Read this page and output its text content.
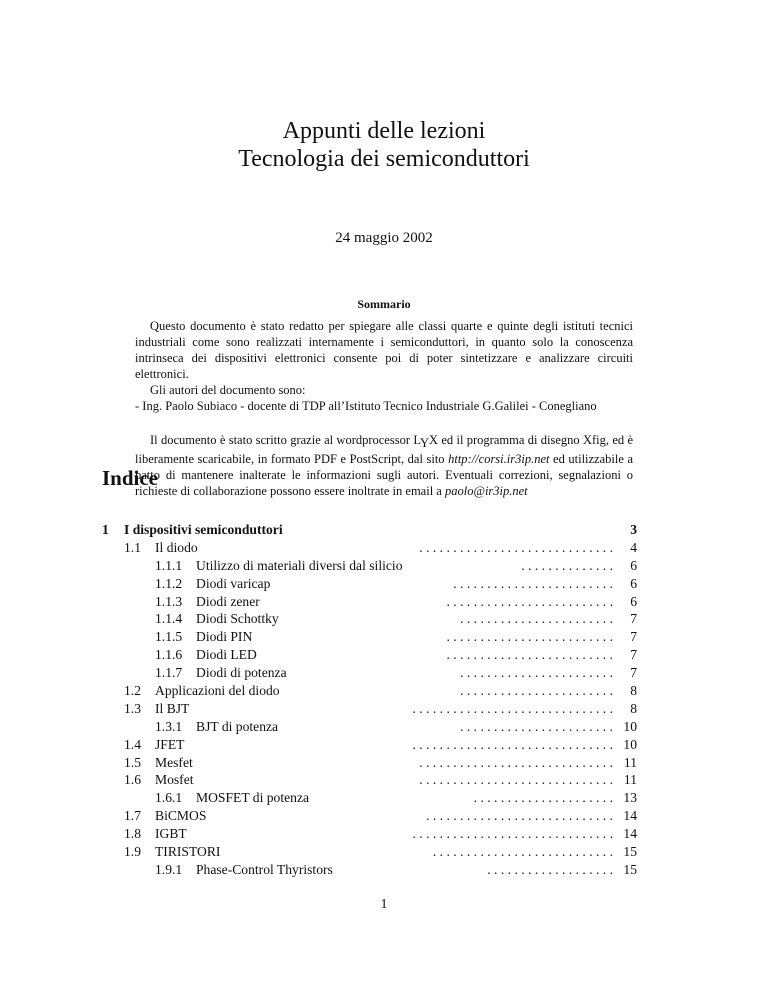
Appunti delle lezioni
Tecnologia dei semiconduttori
24 maggio 2002
Sommario

Questo documento è stato redatto per spiegare alle classi quarte e quinte degli istituti tecnici industriali come sono realizzati internamente i semiconduttori, in quanto solo la conoscenza intrinseca dei dispositivi elettronici consente poi di poter sintetizzare e analizzare circuiti elettronici.

Gli autori del documento sono:

- Ing. Paolo Subiaco - docente di TDP all’Istituto Tecnico Industriale G.Galilei - Conegliano

Il documento è stato scritto grazie al wordprocessor $L_YX$ ed il programma di disegno Xfig, ed è liberamente scaricabile, in formato PDF e PostScript, dal sito http://corsi.ir3ip.net ed utilizzabile a patto di mantenere inalterate le informazioni sugli autori. Eventuali correzioni, segnalazioni o richieste di collaborazione possono essere inoltrate in email a paolo@ir3ip.net

Indice
1 I dispositivi semiconduttori	3
1.1 Il diodo	4
. . . . . . . . . . . . . . . . . . . . . . . . . . . . .
1.1.1 Utilizzo di materiali diversi dal silicio	6
. . . . . . . . . . . . . .
1.1.2 Diodi varicap	6
. . . . . . . . . . . . . . . . . . . . . . . .
1.1.3 Diodi zener	6
. . . . . . . . . . . . . . . . . . . . . . . . .
1.1.4 Diodi Schottky	7
. . . . . . . . . . . . . . . . . . . . . . .
1.1.5 Diodi PIN	7
. . . . . . . . . . . . . . . . . . . . . . . . .
1.1.6 Diodi LED	7
. . . . . . . . . . . . . . . . . . . . . . . . .
1.1.7 Diodi di potenza	7
. . . . . . . . . . . . . . . . . . . . . . .
1.2 Applicazioni del diodo	8
. . . . . . . . . . . . . . . . . . . . . . .
1.3 Il BJT	8
. . . . . . . . . . . . . . . . . . . . . . . . . . . . . .
1.3.1 BJT di potenza	10
. . . . . . . . . . . . . . . . . . . . . . .
1.4 JFET	10
. . . . . . . . . . . . . . . . . . . . . . . . . . . . . .
1.5 Mesfet	11
. . . . . . . . . . . . . . . . . . . . . . . . . . . . .
1.6 Mosfet	11
. . . . . . . . . . . . . . . . . . . . . . . . . . . . .
1.6.1 MOSFET di potenza	13
. . . . . . . . . . . . . . . . . . . . .
1.7 BiCMOS	14
. . . . . . . . . . . . . . . . . . . . . . . . . . . .
1.8 IGBT	14
. . . . . . . . . . . . . . . . . . . . . . . . . . . . . .
1.9 TIRISTORI	15
. . . . . . . . . . . . . . . . . . . . . . . . . . .
1.9.1 Phase-Control Thyristors	15
. . . . . . . . . . . . . . . . . . .
1
